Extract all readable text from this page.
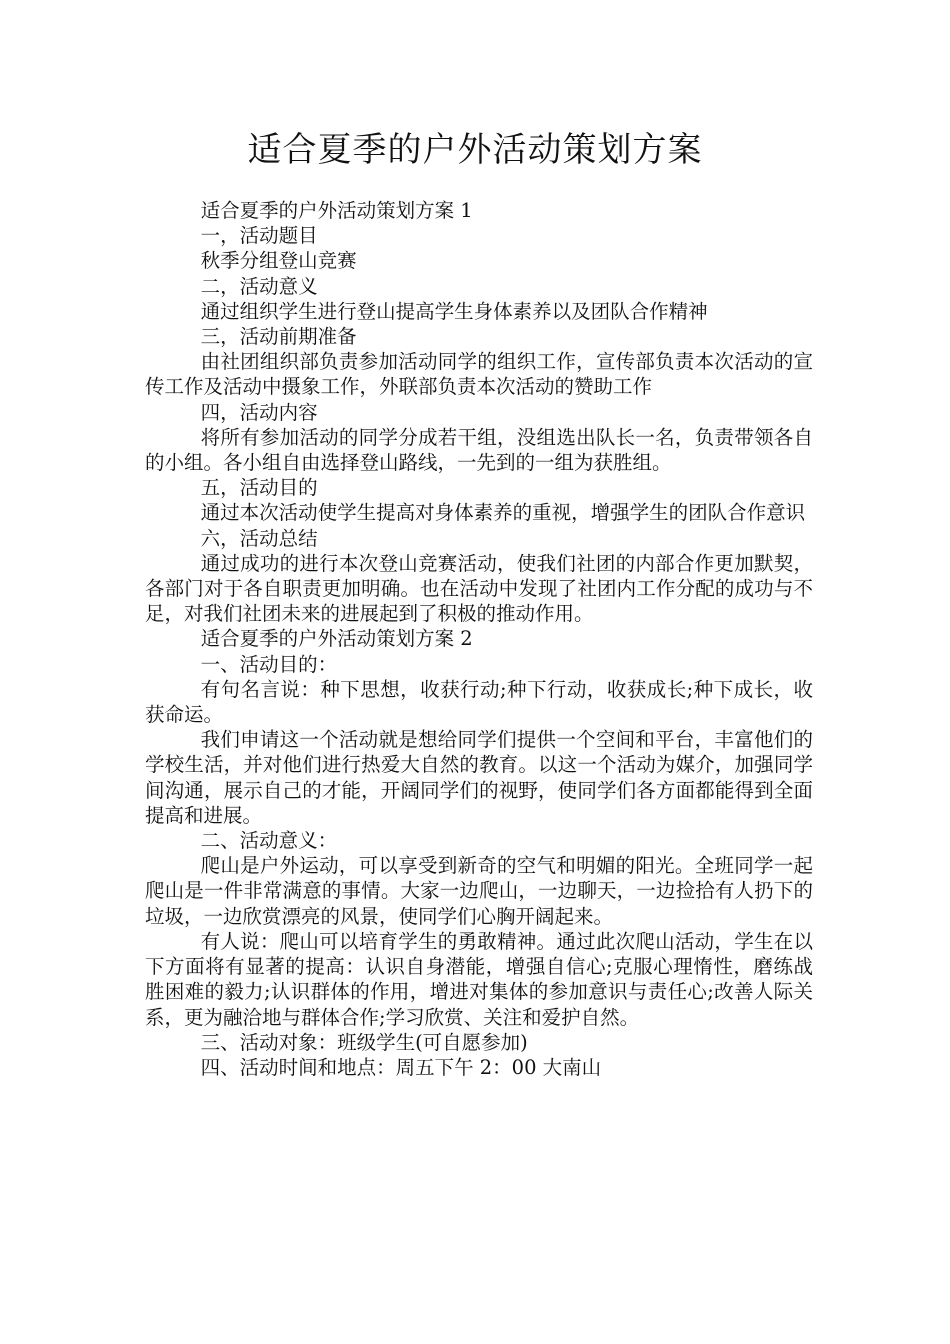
适合夏季的户外活动策划方案

适合夏季的户外活动策划方案 1

一，活动题目

秋季分组登山竞赛

二，活动意义

通过组织学生进行登山提高学生身体素养以及团队合作精神

三，活动前期准备

由社团组织部负责参加活动同学的组织工作，宣传部负责本次活动的宣传工作及活动中摄象工作，外联部负责本次活动的赞助工作

四，活动内容

将所有参加活动的同学分成若干组，没组选出队长一名，负责带领各自的小组。各小组自由选择登山路线，一先到的一组为获胜组。

五，活动目的

通过本次活动使学生提高对身体素养的重视，增强学生的团队合作意识

六，活动总结

通过成功的进行本次登山竞赛活动，使我们社团的内部合作更加默契，各部门对于各自职责更加明确。也在活动中发现了社团内工作分配的成功与不足，对我们社团未来的进展起到了积极的推动作用。

适合夏季的户外活动策划方案 2

一、活动目的：

有句名言说：种下思想，收获行动;种下行动，收获成长;种下成长，收获命运。

我们申请这一个活动就是想给同学们提供一个空间和平台，丰富他们的学校生活，并对他们进行热爱大自然的教育。以这一个活动为媒介，加强同学间沟通，展示自己的才能，开阔同学们的视野，使同学们各方面都能得到全面提高和进展。

二、活动意义：

爬山是户外运动，可以享受到新奇的空气和明媚的阳光。全班同学一起爬山是一件非常满意的事情。大家一边爬山，一边聊天，一边捡拾有人扔下的垃圾，一边欣赏漂亮的风景，使同学们心胸开阔起来。

有人说：爬山可以培育学生的勇敢精神。通过此次爬山活动，学生在以下方面将有显著的提高：认识自身潜能，增强自信心;克服心理惰性，磨练战胜困难的毅力;认识群体的作用，增进对集体的参加意识与责任心;改善人际关系，更为融洽地与群体合作;学习欣赏、关注和爱护自然。

三、活动对象：班级学生(可自愿参加)

四、活动时间和地点：周五下午 2：00 大南山
